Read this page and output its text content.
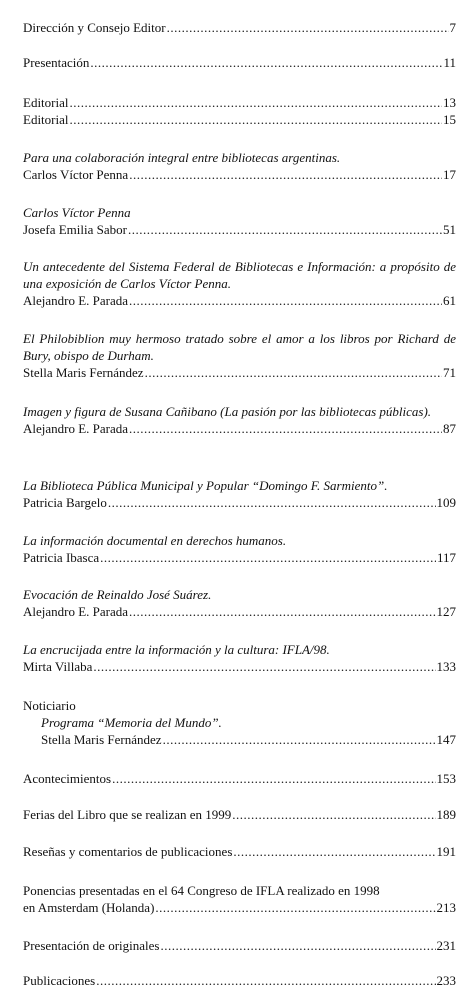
Dirección y Consejo Editor .....	7
Presentación .....	11
Editorial .....	13
Editorial .....	15
Para una colaboración integral entre bibliotecas argentinas.
Carlos Víctor Penna .....	17
Carlos Víctor Penna
Josefa Emilia Sabor .....	51
Un antecedente del Sistema Federal de Bibliotecas e Información: a propósito de una exposición de Carlos Víctor Penna.
Alejandro E. Parada .....	61
El Philobiblion muy hermoso tratado sobre el amor a los libros por Richard de Bury, obispo de Durham.
Stella Maris Fernández .....	71
Imagen y figura de Susana Cañibano (La pasión por las bibliotecas públicas).
Alejandro E. Parada .....	87
La Biblioteca Pública Municipal y Popular “Domingo F. Sarmiento”.
Patricia Bargelo .....	109
La información documental en derechos humanos.
Patricia Ibasca .....	117
Evocación de Reinaldo José Suárez.
Alejandro E. Parada .....	127
La encrucijada entre la información y la cultura: IFLA/98.
Mirta Villaba .....	133
Noticiario
Programa “Memoria del Mundo”.
Stella Maris Fernández .....	147
Acontecimientos .....	153
Ferias del Libro que se realizan en 1999 .....	189
Reseñas y comentarios de publicaciones .....	191
Ponencias presentadas en el 64 Congreso de IFLA realizado en 1998
en Amsterdam (Holanda) .....	213
Presentación de originales .....	231
Publicaciones .....	233
